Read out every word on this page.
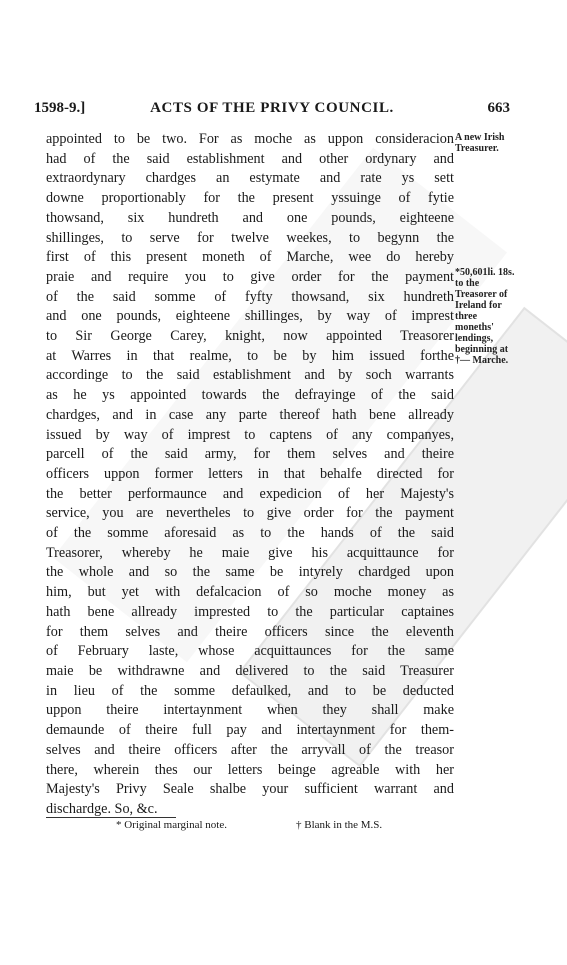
1598-9.]	ACTS OF THE PRIVY COUNCIL.	663
appointed to be two. For as moche as uppon consideracion
had of the said establishment and other ordynary and
extraordynary chardges an estymate and rate ys sett
downe proportionably for the present yssuinge of fytie
thowsand, six hundreth and one pounds, eighteene
shillinges, to serve for twelve weekes, to begynn the
first of this present moneth of Marche, wee do hereby
praie and require you to give order for the payment
of the said somme of fyfty thowsand, six hundreth
and one pounds, eighteene shillinges, by way of imprest
to Sir George Carey, knight, now appointed Treasorer
at Warres in that realme, to be by him issued forthe
accordinge to the said establishment and by soch warrants
as he ys appointed towards the defrayinge of the said
chardges, and in case any parte thereof hath bene allready
issued by way of imprest to captens of any companyes,
parcell of the said army, for them selves and theire
officers uppon former letters in that behalfe directed for
the better performaunce and expedicion of her Majesty's
service, you are nevertheles to give order for the payment
of the somme aforesaid as to the hands of the said
Treasorer, whereby he maie give his acquittaunce for
the whole and so the same be intyrely chardged upon
him, but yet with defalcacion of so moche money as
hath bene allready imprested to the particular captaines
for them selves and theire officers since the eleventh
of February laste, whose acquittaunces for the same
maie be withdrawne and delivered to the said Treasurer
in lieu of the somme defaulked, and to be deducted
uppon theire intertaynment when they shall make
demaunde of theire full pay and intertaynment for them-
selves and theire officers after the arryvall of the treasor
there, wherein thes our letters beinge agreable with her
Majesty's Privy Seale shalbe your sufficient warrant and
dischardge. So, &c.
A new Irish
Treasurer.
*50,601li. 18s.
to the
Treasorer of
Ireland for
three
moneths'
lendings,
beginning at
†— Marche.
* Original marginal note.	† Blank in the M.S.
